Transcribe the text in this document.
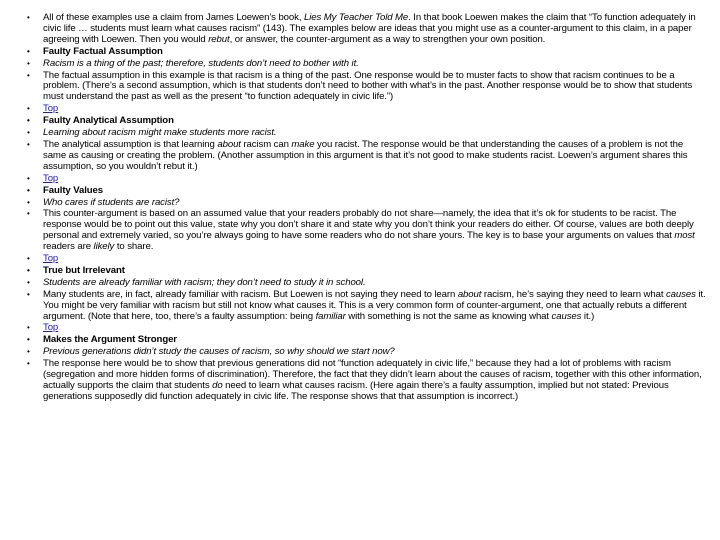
•	All of these examples use a claim from James Loewen’s book, Lies My Teacher Told Me. In that book Loewen makes the claim that “To function adequately in civic life … students must learn what causes racism” (143). The examples below are ideas that you might use as a counter-argument to this claim, in a paper agreeing with Loewen. Then you would rebut, or answer, the counter-argument as a way to strengthen your own position.
•	Faulty Factual Assumption
•	Racism is a thing of the past; therefore, students don’t need to bother with it.
•	The factual assumption in this example is that racism is a thing of the past. One response would be to muster facts to show that racism continues to be a problem. (There’s a second assumption, which is that students don’t need to bother with what’s in the past. Another response would be to show that students must understand the past as well as the present “to function adequately in civic life.”)
•	Top
•	Faulty Analytical Assumption
•	Learning about racism might make students more racist.
•	The analytical assumption is that learning about racism can make you racist. The response would be that understanding the causes of a problem is not the same as causing or creating the problem. (Another assumption in this argument is that it’s not good to make students racist. Loewen’s argument shares this assumption, so you wouldn’t rebut it.)
•	Top
•	Faulty Values
•	Who cares if students are racist?
•	This counter-argument is based on an assumed value that your readers probably do not share—namely, the idea that it’s ok for students to be racist. The response would be to point out this value, state why you don’t share it and state why you don’t think your readers do either. Of course, values are both deeply personal and extremely varied, so you’re always going to have some readers who do not share yours. The key is to base your arguments on values that most readers are likely to share.
•	Top
•	True but Irrelevant
•	Students are already familiar with racism; they don’t need to study it in school.
•	Many students are, in fact, already familiar with racism. But Loewen is not saying they need to learn about racism, he’s saying they need to learn what causes it. You might be very familiar with racism but still not know what causes it. This is a very common form of counter-argument, one that actually rebuts a different argument. (Note that here, too, there’s a faulty assumption: being familiar with something is not the same as knowing what causes it.)
•	Top
•	Makes the Argument Stronger
•	Previous generations didn’t study the causes of racism, so why should we start now?
•	The response here would be to show that previous generations did not “function adequately in civic life,” because they had a lot of problems with racism (segregation and more hidden forms of discrimination). Therefore, the fact that they didn’t learn about the causes of racism, together with this other information, actually supports the claim that students do need to learn what causes racism. (Here again there’s a faulty assumption, implied but not stated: Previous generations supposedly did function adequately in civic life. The response shows that that assumption is incorrect.)
